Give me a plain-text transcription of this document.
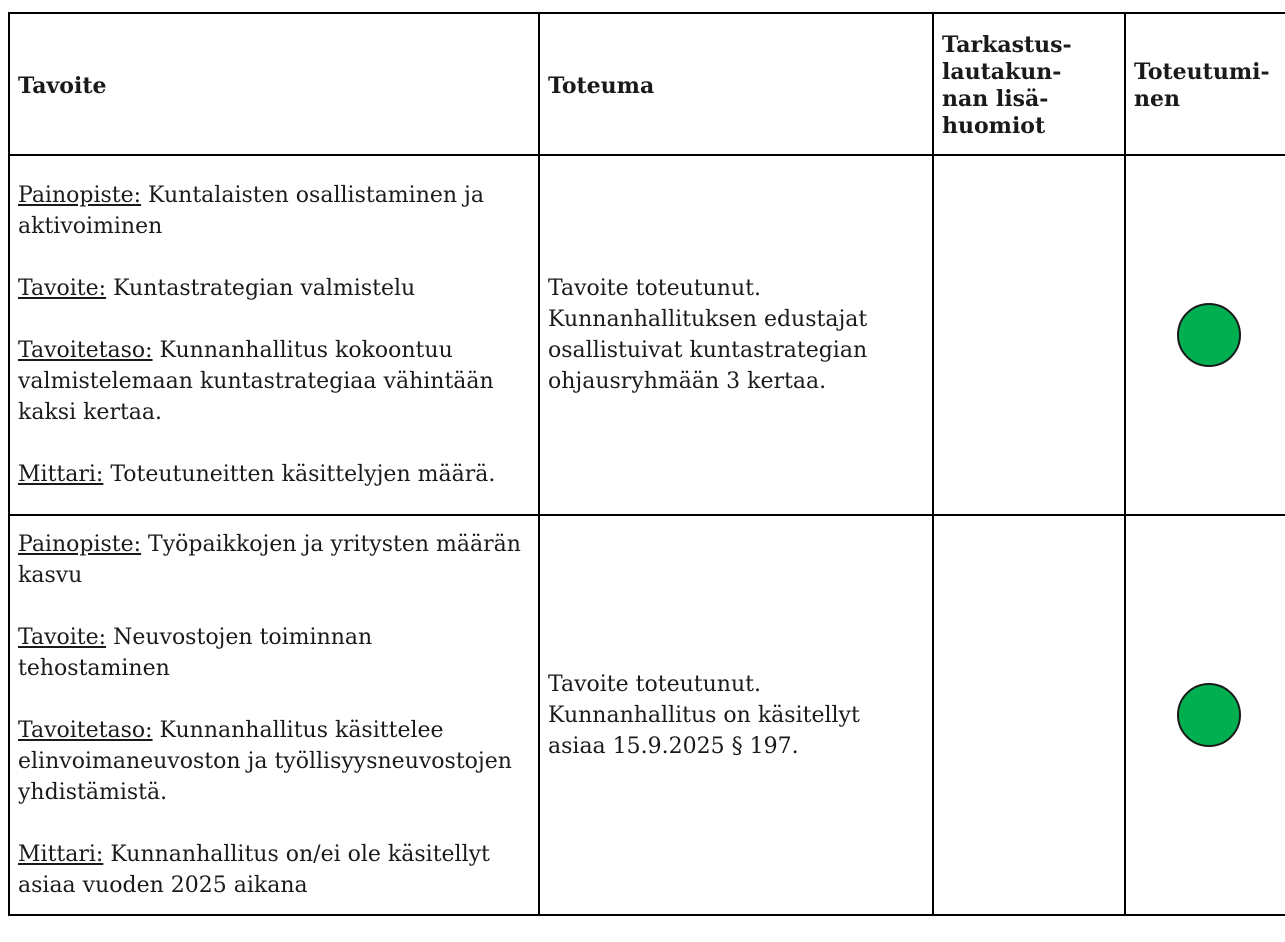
Tavoite	Toteuma	Tarkastus-
lautakun-
nan lisä-
huomiot	Toteutumi-
nen

Painopiste: Kuntalaisten osallistaminen ja aktivoiminen

Tavoite: Kuntastrategian valmistelu

Tavoitetaso: Kunnanhallitus kokoontuu valmistelemaan kuntastrategiaa vähintään kaksi kertaa.

Mittari: Toteutuneitten käsittelyjen määrä.	Tavoite toteutunut. Kunnanhallituksen edustajat osallistuivat kuntastrategian ohjausryhmään 3 kertaa.		

Painopiste: Työpaikkojen ja yritysten määrän kasvu

Tavoite: Neuvostojen toiminnan tehostaminen

Tavoitetaso: Kunnanhallitus käsittelee elinvoimaneuvoston ja työllisyysneuvostojen yhdistämistä.

Mittari: Kunnanhallitus on/ei ole käsitellyt asiaa vuoden 2025 aikana	Tavoite toteutunut. Kunnanhallitus on käsitellyt asiaa 15.9.2025 § 197.		
